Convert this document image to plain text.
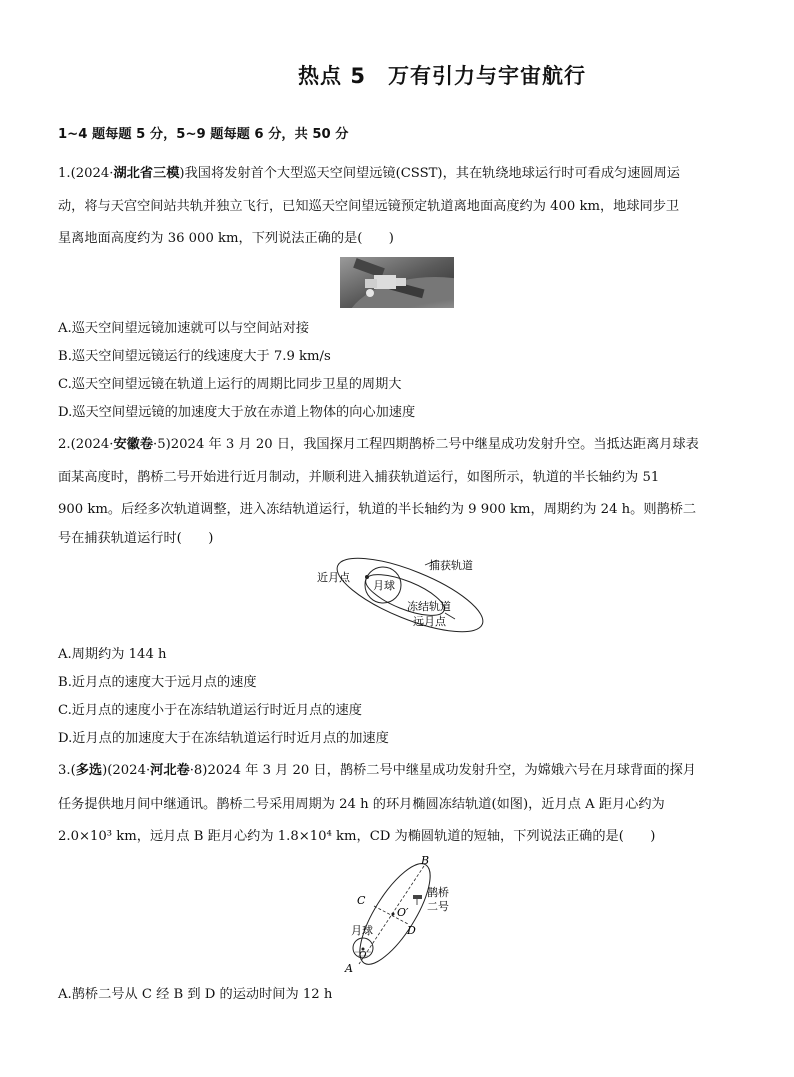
热点 5 万有引力与宇宙航行
1~4 题每题 5 分，5~9 题每题 6 分，共 50 分
1.(2024·湖北省三模)我国将发射首个大型巡天空间望远镜(CSST)，其在轨绕地球运行时可看成匀速圆周运
动，将与天宫空间站共轨并独立飞行，已知巡天空间望远镜预定轨道离地面高度约为 400 km，地球同步卫
星离地面高度约为 36 000 km，下列说法正确的是(　　)
A.巡天空间望远镜加速就可以与空间站对接
B.巡天空间望远镜运行的线速度大于 7.9 km/s
C.巡天空间望远镜在轨道上运行的周期比同步卫星的周期大
D.巡天空间望远镜的加速度大于放在赤道上物体的向心加速度
2.(2024·安徽卷·5)2024 年 3 月 20 日，我国探月工程四期鹊桥二号中继星成功发射升空。当抵达距离月球表
面某高度时，鹊桥二号开始进行近月制动，并顺利进入捕获轨道运行，如图所示，轨道的半长轴约为 51
900 km。后经多次轨道调整，进入冻结轨道运行，轨道的半长轴约为 9 900 km，周期约为 24 h。则鹊桥二
号在捕获轨道运行时(　　)
近月点
月球
捕获轨道
冻结轨道
远月点
A.周期约为 144 h
B.近月点的速度大于远月点的速度
C.近月点的速度小于在冻结轨道运行时近月点的速度
D.近月点的加速度大于在冻结轨道运行时近月点的加速度
3.(多选)(2024·河北卷·8)2024 年 3 月 20 日，鹊桥二号中继星成功发射升空，为嫦娥六号在月球背面的探月
任务提供地月间中继通讯。鹊桥二号采用周期为 24 h 的环月椭圆冻结轨道(如图)，近月点 A 距月心约为
2.0×10³ km，远月点 B 距月心约为 1.8×10⁴ km，CD 为椭圆轨道的短轴，下列说法正确的是(　　)
B
C
O′
D
月球
O
A
鹊桥
二号
A.鹊桥二号从 C 经 B 到 D 的运动时间为 12 h
